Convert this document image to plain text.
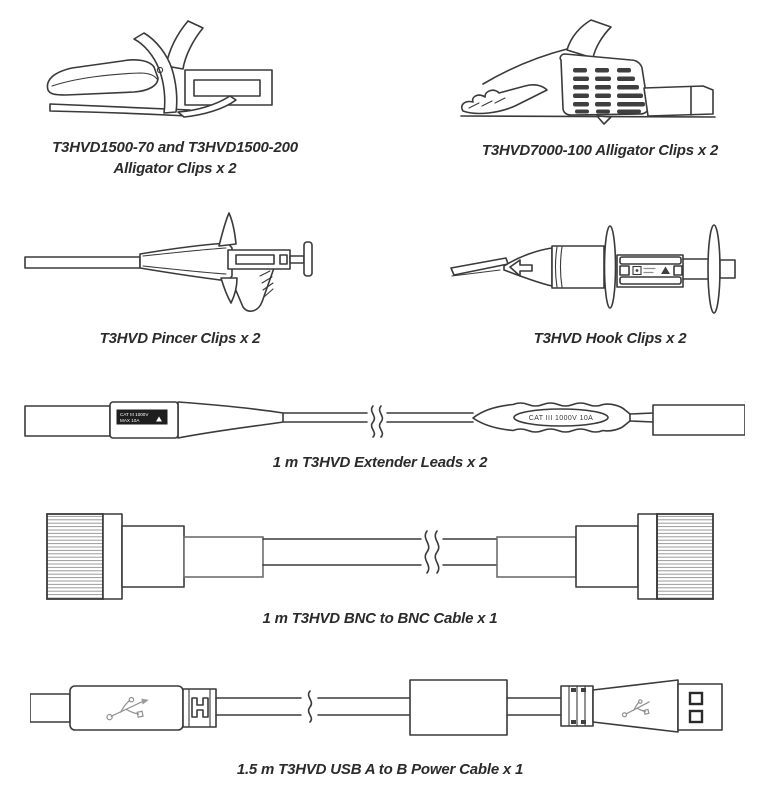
CAT III 1000V
MAX 10A	CAT III 1000V 10A
T3HVD1500-70 and T3HVD1500-200
Alligator Clips x 2
T3HVD7000-100 Alligator Clips x 2
T3HVD Pincer Clips x 2	T3HVD Hook Clips x 2
1 m T3HVD Extender Leads x 2
1 m T3HVD BNC to BNC Cable x 1
1.5 m T3HVD USB A to B Power Cable x 1
